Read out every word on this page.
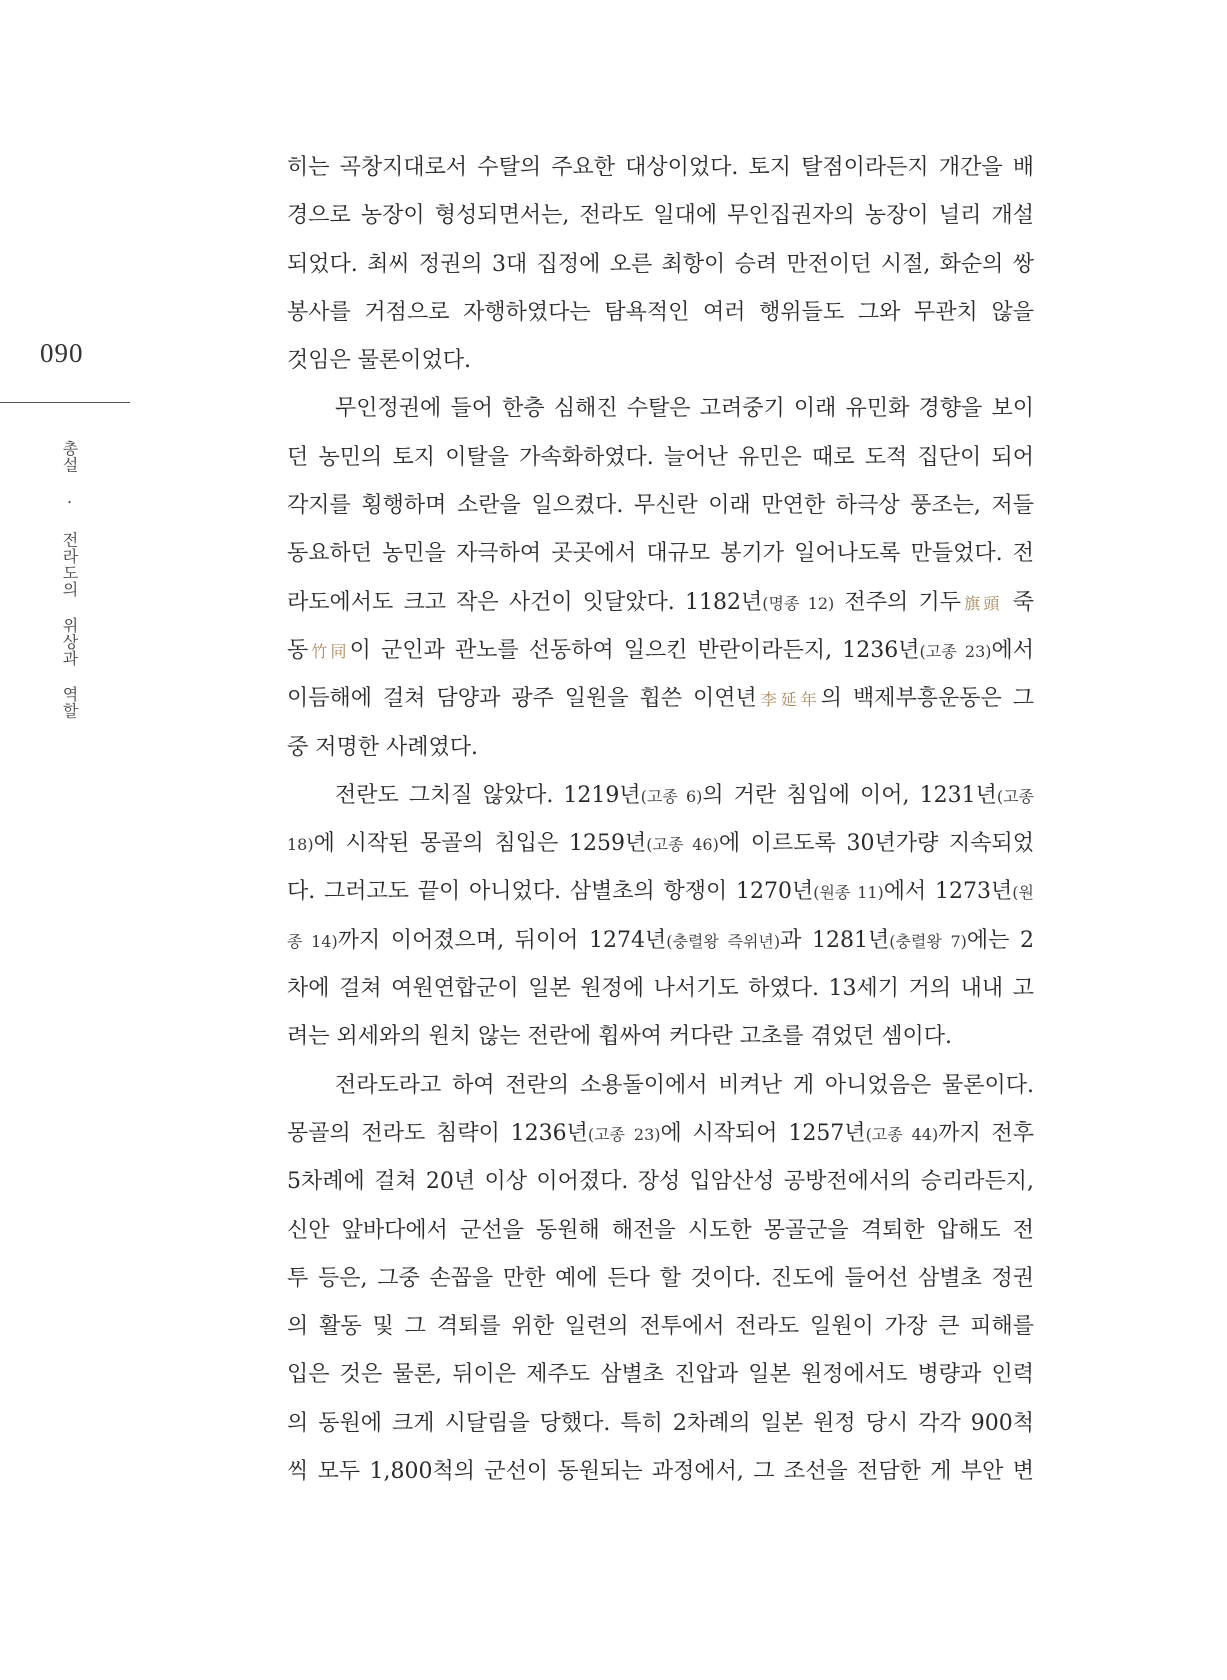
090
총설 · 전라도의 위상과 역할
히는 곡창지대로서 수탈의 주요한 대상이었다. 토지 탈점이라든지 개간을 배
경으로 농장이 형성되면서는, 전라도 일대에 무인집권자의 농장이 널리 개설
되었다. 최씨 정권의 3대 집정에 오른 최항이 승려 만전이던 시절, 화순의 쌍
봉사를 거점으로 자행하였다는 탐욕적인 여러 행위들도 그와 무관치 않을
것임은 물론이었다.
무인정권에 들어 한층 심해진 수탈은 고려중기 이래 유민화 경향을 보이
던 농민의 토지 이탈을 가속화하였다. 늘어난 유민은 때로 도적 집단이 되어
각지를 횡행하며 소란을 일으켰다. 무신란 이래 만연한 하극상 풍조는, 저들
동요하던 농민을 자극하여 곳곳에서 대규모 봉기가 일어나도록 만들었다. 전
라도에서도 크고 작은 사건이 잇달았다. 1182년(명종 12) 전주의 기두旗頭 죽
동竹同이 군인과 관노를 선동하여 일으킨 반란이라든지, 1236년(고종 23)에서
이듬해에 걸쳐 담양과 광주 일원을 휩쓴 이연년李延年의 백제부흥운동은 그
중 저명한 사례였다.
전란도 그치질 않았다. 1219년(고종 6)의 거란 침입에 이어, 1231년(고종
18)에 시작된 몽골의 침입은 1259년(고종 46)에 이르도록 30년가량 지속되었
다. 그러고도 끝이 아니었다. 삼별초의 항쟁이 1270년(원종 11)에서 1273년(원
종 14)까지 이어졌으며, 뒤이어 1274년(충렬왕 즉위년)과 1281년(충렬왕 7)에는 2
차에 걸쳐 여원연합군이 일본 원정에 나서기도 하였다. 13세기 거의 내내 고
려는 외세와의 원치 않는 전란에 휩싸여 커다란 고초를 겪었던 셈이다.
전라도라고 하여 전란의 소용돌이에서 비켜난 게 아니었음은 물론이다.
몽골의 전라도 침략이 1236년(고종 23)에 시작되어 1257년(고종 44)까지 전후
5차례에 걸쳐 20년 이상 이어졌다. 장성 입암산성 공방전에서의 승리라든지,
신안 앞바다에서 군선을 동원해 해전을 시도한 몽골군을 격퇴한 압해도 전
투 등은, 그중 손꼽을 만한 예에 든다 할 것이다. 진도에 들어선 삼별초 정권
의 활동 및 그 격퇴를 위한 일련의 전투에서 전라도 일원이 가장 큰 피해를
입은 것은 물론, 뒤이은 제주도 삼별초 진압과 일본 원정에서도 병량과 인력
의 동원에 크게 시달림을 당했다. 특히 2차례의 일본 원정 당시 각각 900척
씩 모두 1,800척의 군선이 동원되는 과정에서, 그 조선을 전담한 게 부안 변
